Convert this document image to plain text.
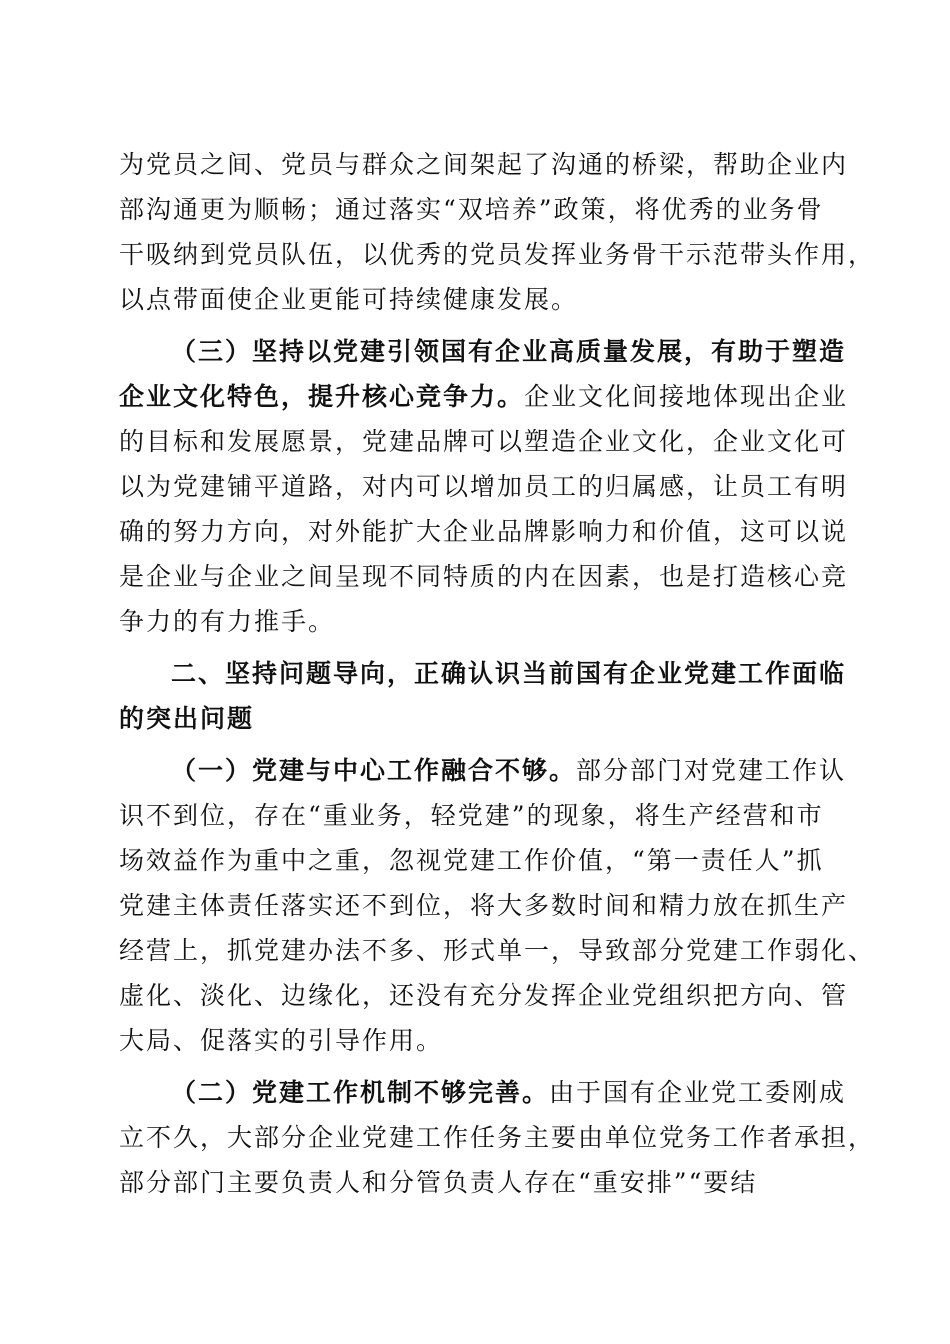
为党员之间、党员与群众之间架起了沟通的桥梁，帮助企业内
部沟通更为顺畅；通过落实“双培养”政策，将优秀的业务骨
干吸纳到党员队伍，以优秀的党员发挥业务骨干示范带头作用，
以点带面使企业更能可持续健康发展。
（三）坚持以党建引领国有企业高质量发展，有助于塑造
企业文化特色，提升核心竞争力。企业文化间接地体现出企业
的目标和发展愿景，党建品牌可以塑造企业文化，企业文化可
以为党建铺平道路，对内可以增加员工的归属感，让员工有明
确的努力方向，对外能扩大企业品牌影响力和价值，这可以说
是企业与企业之间呈现不同特质的内在因素，也是打造核心竞
争力的有力推手。
二、坚持问题导向，正确认识当前国有企业党建工作面临
的突出问题
（一）党建与中心工作融合不够。部分部门对党建工作认
识不到位，存在“重业务，轻党建”的现象，将生产经营和市
场效益作为重中之重，忽视党建工作价值，“第一责任人”抓
党建主体责任落实还不到位，将大多数时间和精力放在抓生产
经营上，抓党建办法不多、形式单一，导致部分党建工作弱化、
虚化、淡化、边缘化，还没有充分发挥企业党组织把方向、管
大局、促落实的引导作用。
（二）党建工作机制不够完善。由于国有企业党工委刚成
立不久，大部分企业党建工作任务主要由单位党务工作者承担，
部分部门主要负责人和分管负责人存在“重安排”“要结
